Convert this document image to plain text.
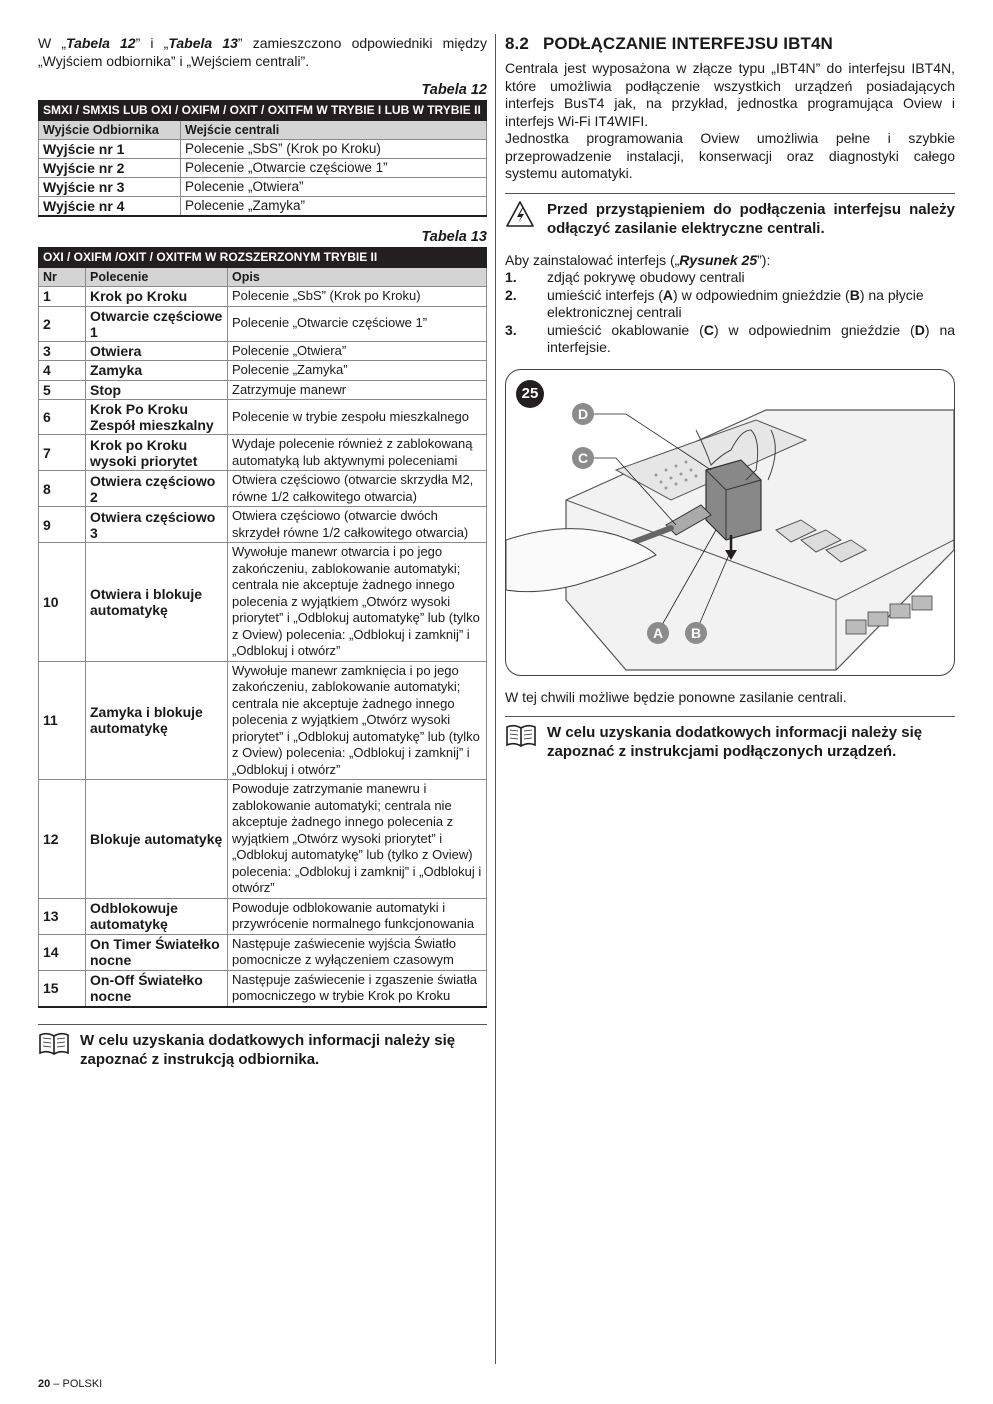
W „Tabela 12” i „Tabela 13” zamieszczono odpowiedniki między „Wyjściem odbiornika” i „Wejściem centrali”.

Tabela 12
SMXI / SMXIS LUB OXI / OXIFM / OXIT / OXITFM W TRYBIE I LUB W TRYBIE II	
Wyjście Odbiornika	Wejście centrali
Wyjście nr 1	Polecenie „SbS” (Krok po Kroku)
Wyjście nr 2	Polecenie „Otwarcie częściowe 1”
Wyjście nr 3	Polecenie „Otwiera”
Wyjście nr 4	Polecenie „Zamyka”
Tabela 13
OXI / OXIFM /OXIT / OXITFM W ROZSZERZONYM TRYBIE II		
Nr	Polecenie	Opis
1	Krok po Kroku	Polecenie „SbS” (Krok po Kroku)
2	Otwarcie częściowe 1	Polecenie „Otwarcie częściowe 1”
3	Otwiera	Polecenie „Otwiera”
4	Zamyka	Polecenie „Zamyka”
5	Stop	Zatrzymuje manewr
6	Krok Po Kroku Zespół mieszkalny	Polecenie w trybie zespołu mieszkalnego
7	Krok po Kroku wysoki priorytet	Wydaje polecenie również z zablokowaną automatyką lub aktywnymi poleceniami
8	Otwiera częściowo 2	Otwiera częściowo (otwarcie skrzydła M2, równe 1/2 całkowitego otwarcia)
9	Otwiera częściowo 3	Otwiera częściowo (otwarcie dwóch skrzydeł równe 1/2 całkowitego otwarcia)
10	Otwiera i blokuje automatykę	Wywołuje manewr otwarcia i po jego zakończeniu, zablokowanie automatyki; centrala nie akceptuje żadnego innego polecenia z wyjątkiem „Otwórz wysoki priorytet” i „Odblokuj automatykę” lub (tylko z Oview) polecenia: „Odblokuj i zamknij” i „Odblokuj i otwórz”
11	Zamyka i blokuje automatykę	Wywołuje manewr zamknięcia i po jego zakończeniu, zablokowanie automatyki; centrala nie akceptuje żadnego innego polecenia z wyjątkiem „Otwórz wysoki priorytet” i „Odblokuj automatykę” lub (tylko z Oview) polecenia: „Odblokuj i zamknij” i „Odblokuj i otwórz”
12	Blokuje automatykę	Powoduje zatrzymanie manewru i zablokowanie automatyki; centrala nie akceptuje żadnego innego polecenia z wyjątkiem „Otwórz wysoki priorytet” i „Odblokuj automatykę” lub (tylko z Oview) polecenia: „Odblokuj i zamknij” i „Odblokuj i otwórz”
13	Odblokowuje automatykę	Powoduje odblokowanie automatyki i przywrócenie normalnego funkcjonowania
14	On Timer Światełko nocne	Następuje zaświecenie wyjścia Światło pomocnicze z wyłączeniem czasowym
15	On-Off Światełko nocne	Następuje zaświecenie i zgaszenie światła pomocniczego w trybie Krok po Kroku
W celu uzyskania dodatkowych informacji należy się zapoznać z instrukcją odbiornika.
8.2 PODŁĄCZANIE INTERFEJSU IBT4N

Centrala jest wyposażona w złącze typu „IBT4N” do interfejsu IBT4N, które umożliwia podłączenie wszystkich urządzeń posiadających interfejs BusT4 jak, na przykład, jednostka programująca Oview i interfejs Wi-Fi IT4WIFI.

Jednostka programowania Oview umożliwia pełne i szybkie przeprowadzenie instalacji, konserwacji oraz diagnostyki całego systemu automatyki.

Przed przystąpieniem do podłączenia interfejsu należy odłączyć zasilanie elektryczne centrali.

Aby zainstalować interfejs („Rysunek 25”):

1.	zdjąć pokrywę obudowy centrali
2.	umieścić interfejs (A) w odpowiednim gnieździe (B) na płycie elektronicznej centrali
3.	umieścić okablowanie (C) w odpowiednim gnieździe (D) na interfejsie.
25
D
C
A	B

W tej chwili możliwe będzie ponowne zasilanie centrali.

W celu uzyskania dodatkowych informacji należy się zapoznać z instrukcjami podłączonych urządzeń.
20 – POLSKI
